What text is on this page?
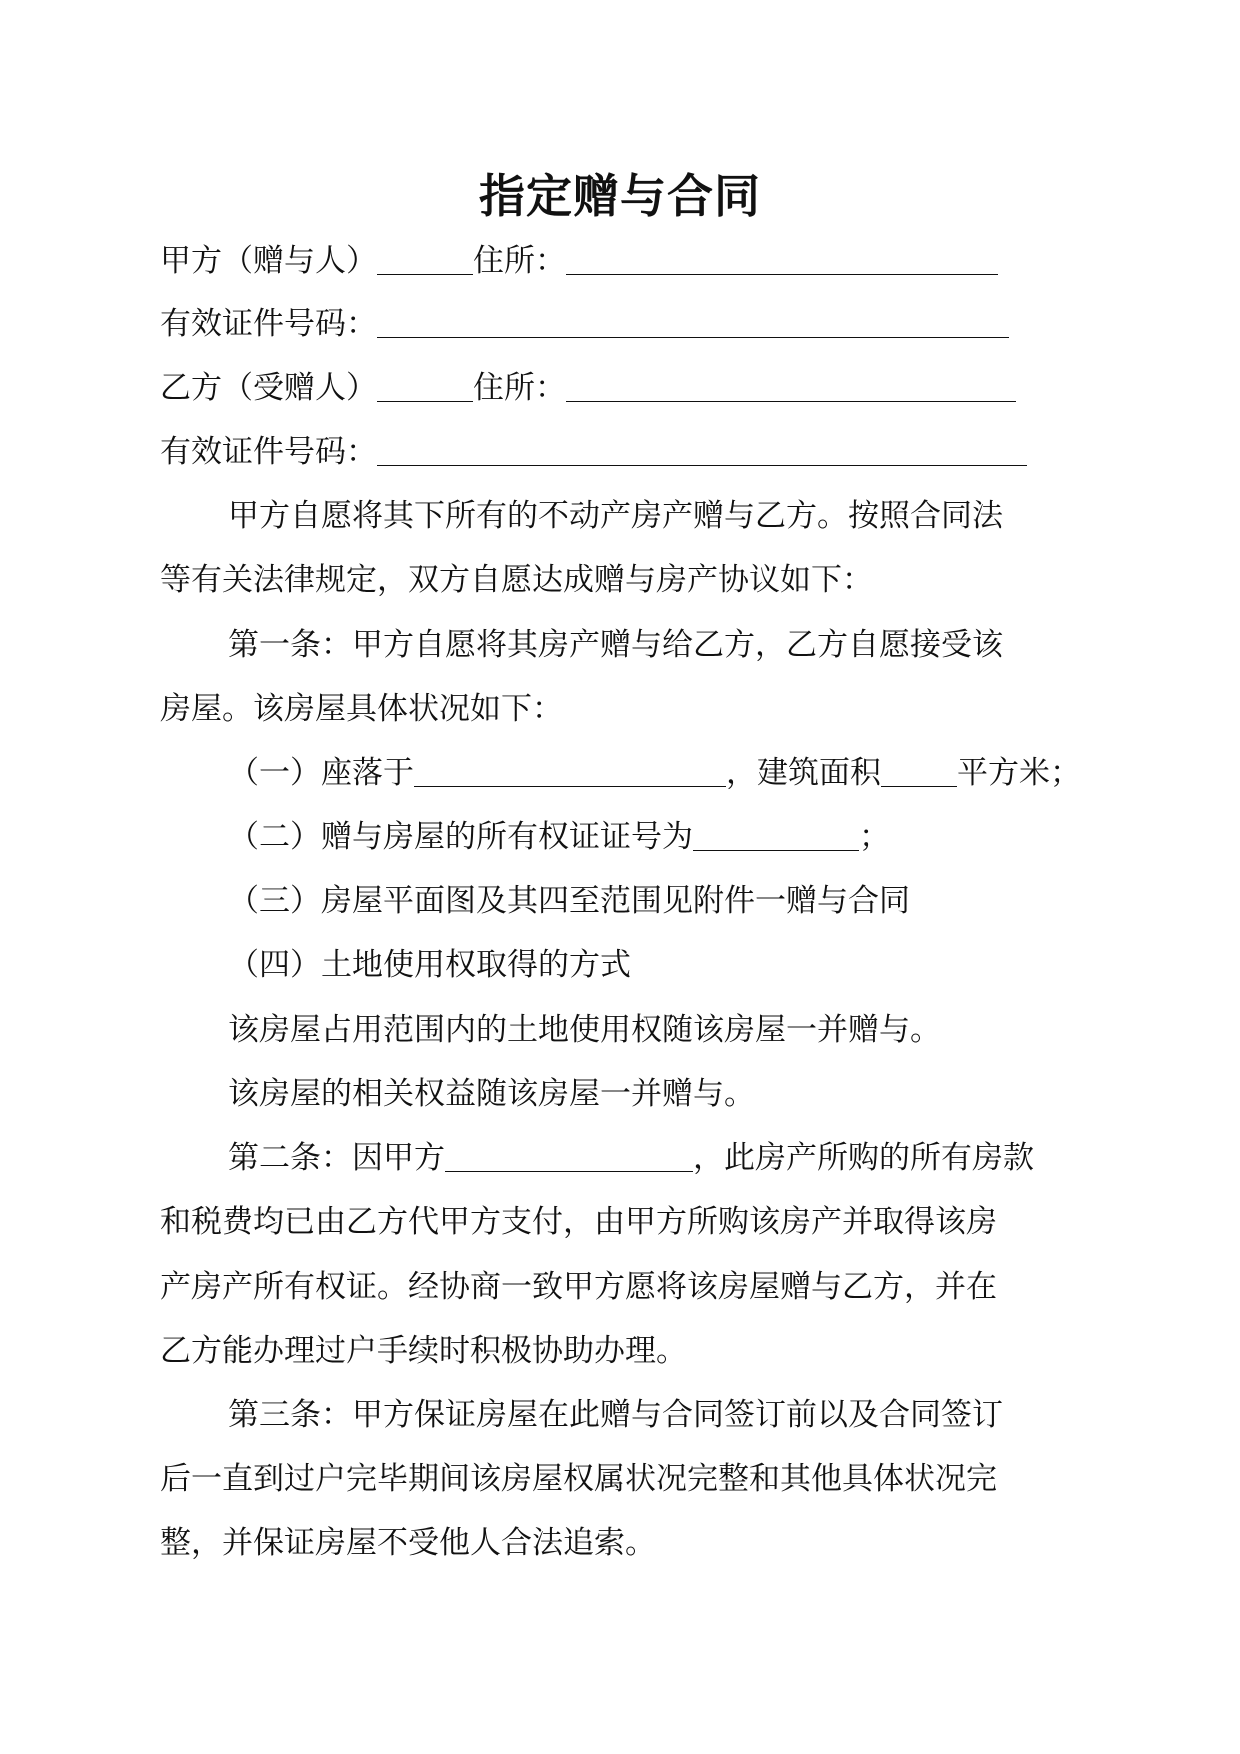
指定赠与合同
甲方（赠与人）	住所：
有效证件号码：
乙方（受赠人）	住所：
有效证件号码：
甲方自愿将其下所有的不动产房产赠与乙方。按照合同法
等有关法律规定，双方自愿达成赠与房产协议如下：
第一条：甲方自愿将其房产赠与给乙方，乙方自愿接受该
房屋。该房屋具体状况如下：
（一）座落于	，建筑面积 平方米；
（二）赠与房屋的所有权证证号为	；
（三）房屋平面图及其四至范围见附件一赠与合同
（四）土地使用权取得的方式
该房屋占用范围内的土地使用权随该房屋一并赠与。
该房屋的相关权益随该房屋一并赠与。
第二条：因甲方	，此房产所购的所有房款
和税费均已由乙方代甲方支付，由甲方所购该房产并取得该房
产房产所有权证。经协商一致甲方愿将该房屋赠与乙方，并在
乙方能办理过户手续时积极协助办理。
第三条：甲方保证房屋在此赠与合同签订前以及合同签订
后一直到过户完毕期间该房屋权属状况完整和其他具体状况完
整，并保证房屋不受他人合法追索。
